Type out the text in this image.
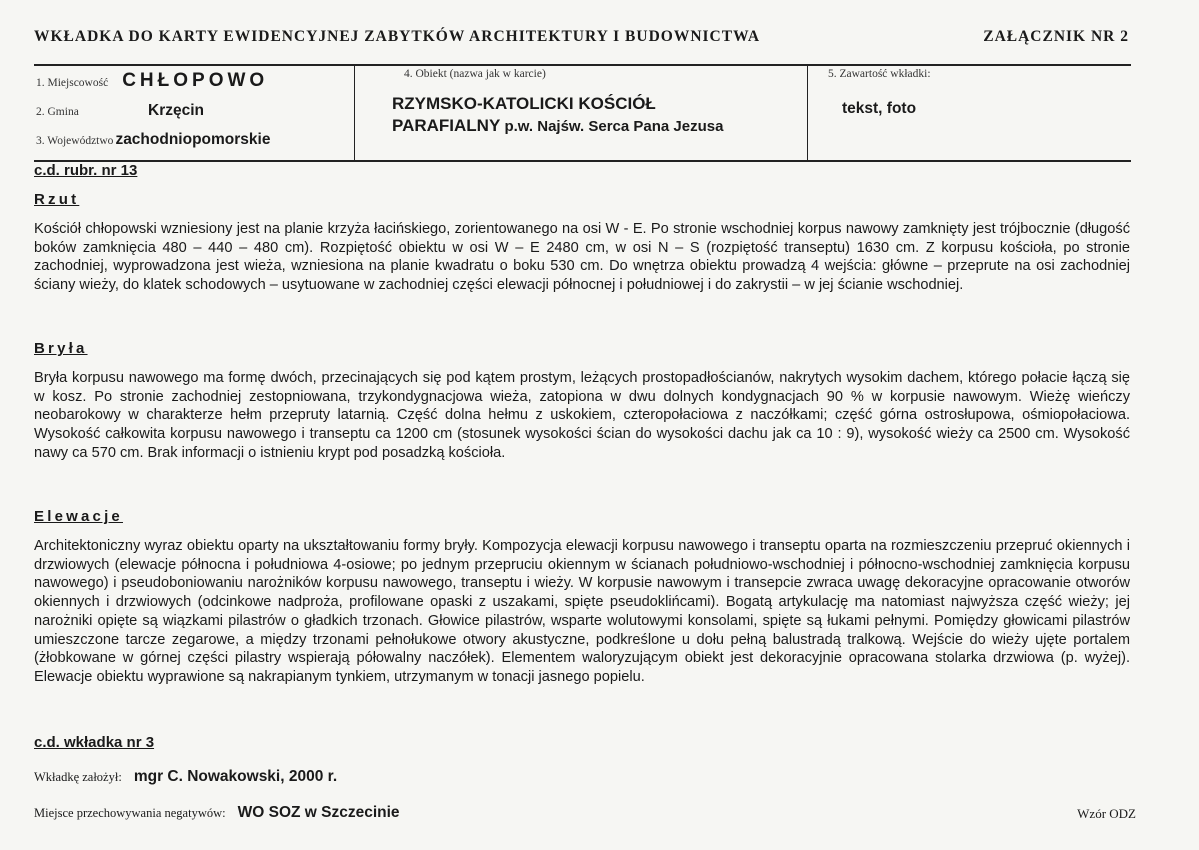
WKŁADKA DO KARTY EWIDENCYJNEJ ZABYTKÓW ARCHITEKTURY I BUDOWNICTWA	ZAŁĄCZNIK NR 2
1. Miejscowość CHŁOPOWO
2. Gmina	Krzęcin
3. Województwo zachodniopomorskie
4. Obiekt (nazwa jak w karcie)
RZYMSKO-KATOLICKI KOŚCIÓŁ
PARAFIALNY p.w. Najśw. Serca Pana Jezusa
5. Zawartość wkładki:
tekst, foto
c.d. rubr. nr 13
Rzut
Kościół chłopowski wzniesiony jest na planie krzyża łacińskiego, zorientowanego na osi W - E. Po stronie wschodniej korpus nawowy zamknięty jest trójbocznie (długość boków zamknięcia 480 – 440 – 480 cm). Rozpiętość obiektu w osi W – E 2480 cm, w osi N – S (rozpiętość transeptu) 1630 cm. Z korpusu kościoła, po stronie zachodniej, wyprowadzona jest wieża, wzniesiona na planie kwadratu o boku 530 cm. Do wnętrza obiektu prowadzą 4 wejścia: główne – przeprute na osi zachodniej ściany wieży, do klatek schodowych – usytuowane w zachodniej części elewacji północnej i południowej i do zakrystii – w jej ścianie wschodniej.
Bryła
Bryła korpusu nawowego ma formę dwóch, przecinających się pod kątem prostym, leżących prostopadłościanów, nakrytych wysokim dachem, którego połacie łączą się w kosz. Po stronie zachodniej zestopniowana, trzykondygnacjowa wieża, zatopiona w dwu dolnych kondygnacjach 90 % w korpusie nawowym. Wieżę wieńczy neobarokowy w charakterze hełm przepruty latarnią. Część dolna hełmu z uskokiem, czteropołaciowa z naczółkami; część górna ostrosłupowa, ośmiopołaciowa. Wysokość całkowita korpusu nawowego i transeptu ca 1200 cm (stosunek wysokości ścian do wysokości dachu jak ca 10 : 9), wysokość wieży ca 2500 cm. Wysokość nawy ca 570 cm. Brak informacji o istnieniu krypt pod posadzką kościoła.
Elewacje
Architektoniczny wyraz obiektu oparty na ukształtowaniu formy bryły. Kompozycja elewacji korpusu nawowego i transeptu oparta na rozmieszczeniu przepruć okiennych i drzwiowych (elewacje północna i południowa 4-osiowe; po jednym przepruciu okiennym w ścianach południowo-wschodniej i północno-wschodniej zamknięcia korpusu nawowego) i pseudoboniowaniu narożników korpusu nawowego, transeptu i wieży. W korpusie nawowym i transepcie zwraca uwagę dekoracyjne opracowanie otworów okiennych i drzwiowych (odcinkowe nadproża, profilowane opaski z uszakami, spięte pseudoklińcami). Bogatą artykulację ma natomiast najwyższa część wieży; jej narożniki opięte są wiązkami pilastrów o gładkich trzonach. Głowice pilastrów, wsparte wolutowymi konsolami, spięte są łukami pełnymi. Pomiędzy głowicami pilastrów umieszczone tarcze zegarowe, a między trzonami pełnołukowe otwory akustyczne, podkreślone u dołu pełną balustradą tralkową. Wejście do wieży ujęte portalem (żłobkowane w górnej części pilastry wspierają półowalny naczółek). Elementem waloryzującym obiekt jest dekoracyjnie opracowana stolarka drzwiowa (p. wyżej). Elewacje obiektu wyprawione są nakrapianym tynkiem, utrzymanym w tonacji jasnego popielu.
c.d. wkładka nr 3
Wkładkę założył: mgr C. Nowakowski, 2000 r.
Miejsce przechowywania negatywów: WO SOZ w Szczecinie	Wzór ODZ
